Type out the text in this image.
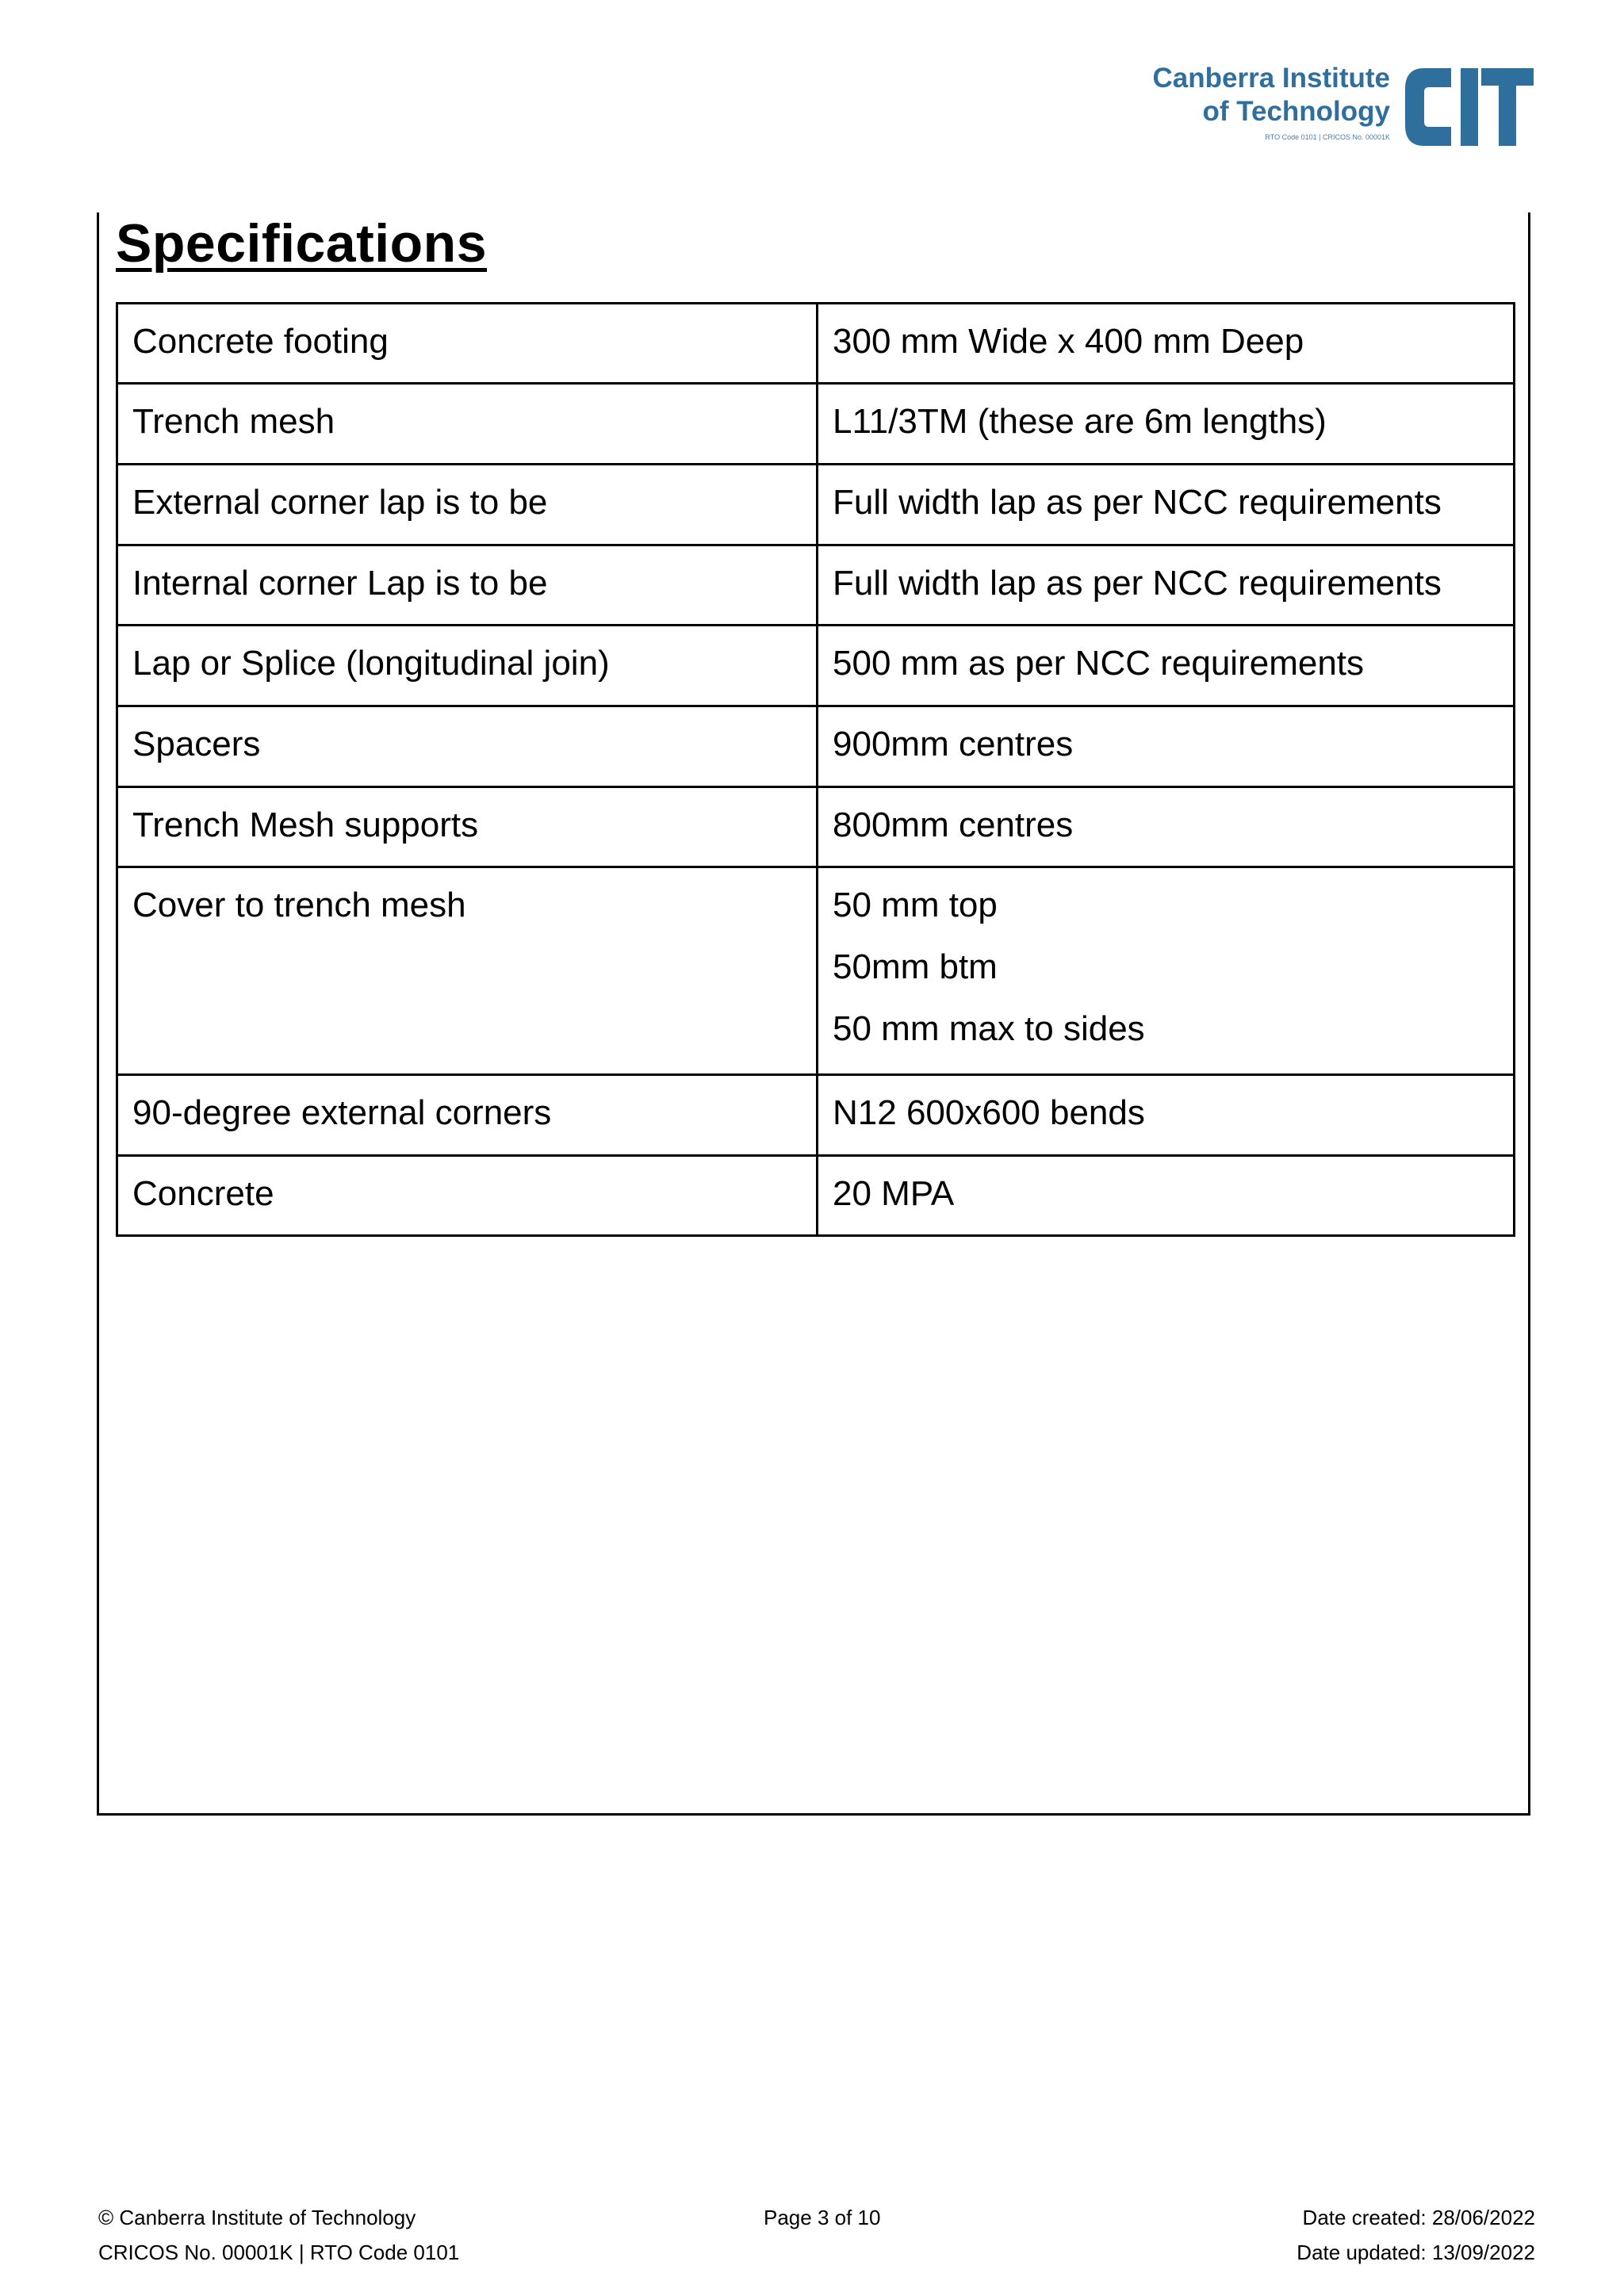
Canberra Institute
of Technology
RTO Code 0101 | CRICOS No. 00001K
Specifications
Concrete footing	300 mm Wide x 400 mm Deep

Trench mesh	L11/3TM (these are 6m lengths)

External corner lap is to be	Full width lap as per NCC requirements

Internal corner Lap is to be	Full width lap as per NCC requirements

Lap or Splice (longitudinal join)	500 mm as per NCC requirements

Spacers	900mm centres

Trench Mesh supports	800mm centres

Cover to trench mesh	50 mm top
50mm btm
50 mm max to sides

90-degree external corners	N12 600x600 bends

Concrete	20 MPA
© Canberra Institute of Technology	Page 3 of 10	Date created: 28/06/2022
CRICOS No. 00001K | RTO Code 0101	Date updated: 13/09/2022
